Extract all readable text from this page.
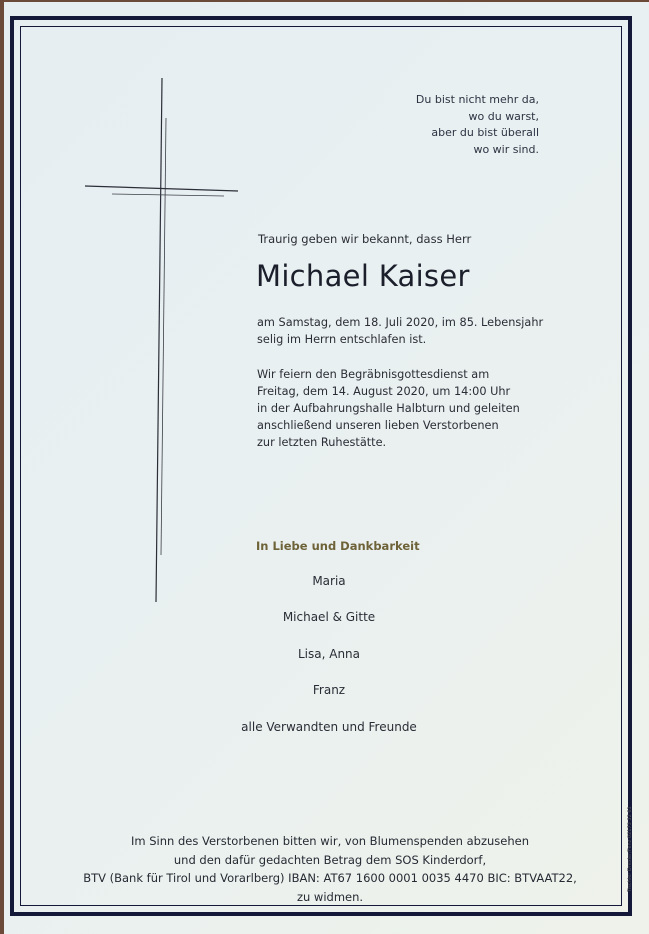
Du bist nicht mehr da,
wo du warst,
aber du bist überall
wo wir sind.
Traurig geben wir bekannt, dass Herr
Michael Kaiser
am Samstag, dem 18. Juli 2020, im 85. Lebensjahr
selig im Herrn entschlafen ist.
Wir feiern den Begräbnisgottesdienst am
Freitag, dem 14. August 2020, um 14:00 Uhr
in der Aufbahrungshalle Halbturn und geleiten
anschließend unseren lieben Verstorbenen
zur letzten Ruhestätte.
In Liebe und Dankbarkeit
Maria
Michael & Gitte
Lisa, Anna
Franz
alle Verwandten und Freunde
Im Sinn des Verstorbenen bitten wir, von Blumenspenden abzusehen
und den dafür gedachten Betrag dem SOS Kinderdorf,
BTV (Bank für Tirol und Vorarlberg) IBAN: AT67 1600 0001 0035 4470 BIC: BTVAAT22,
zu widmen.
Tischler Drexler/Fenz 02173 32 61
